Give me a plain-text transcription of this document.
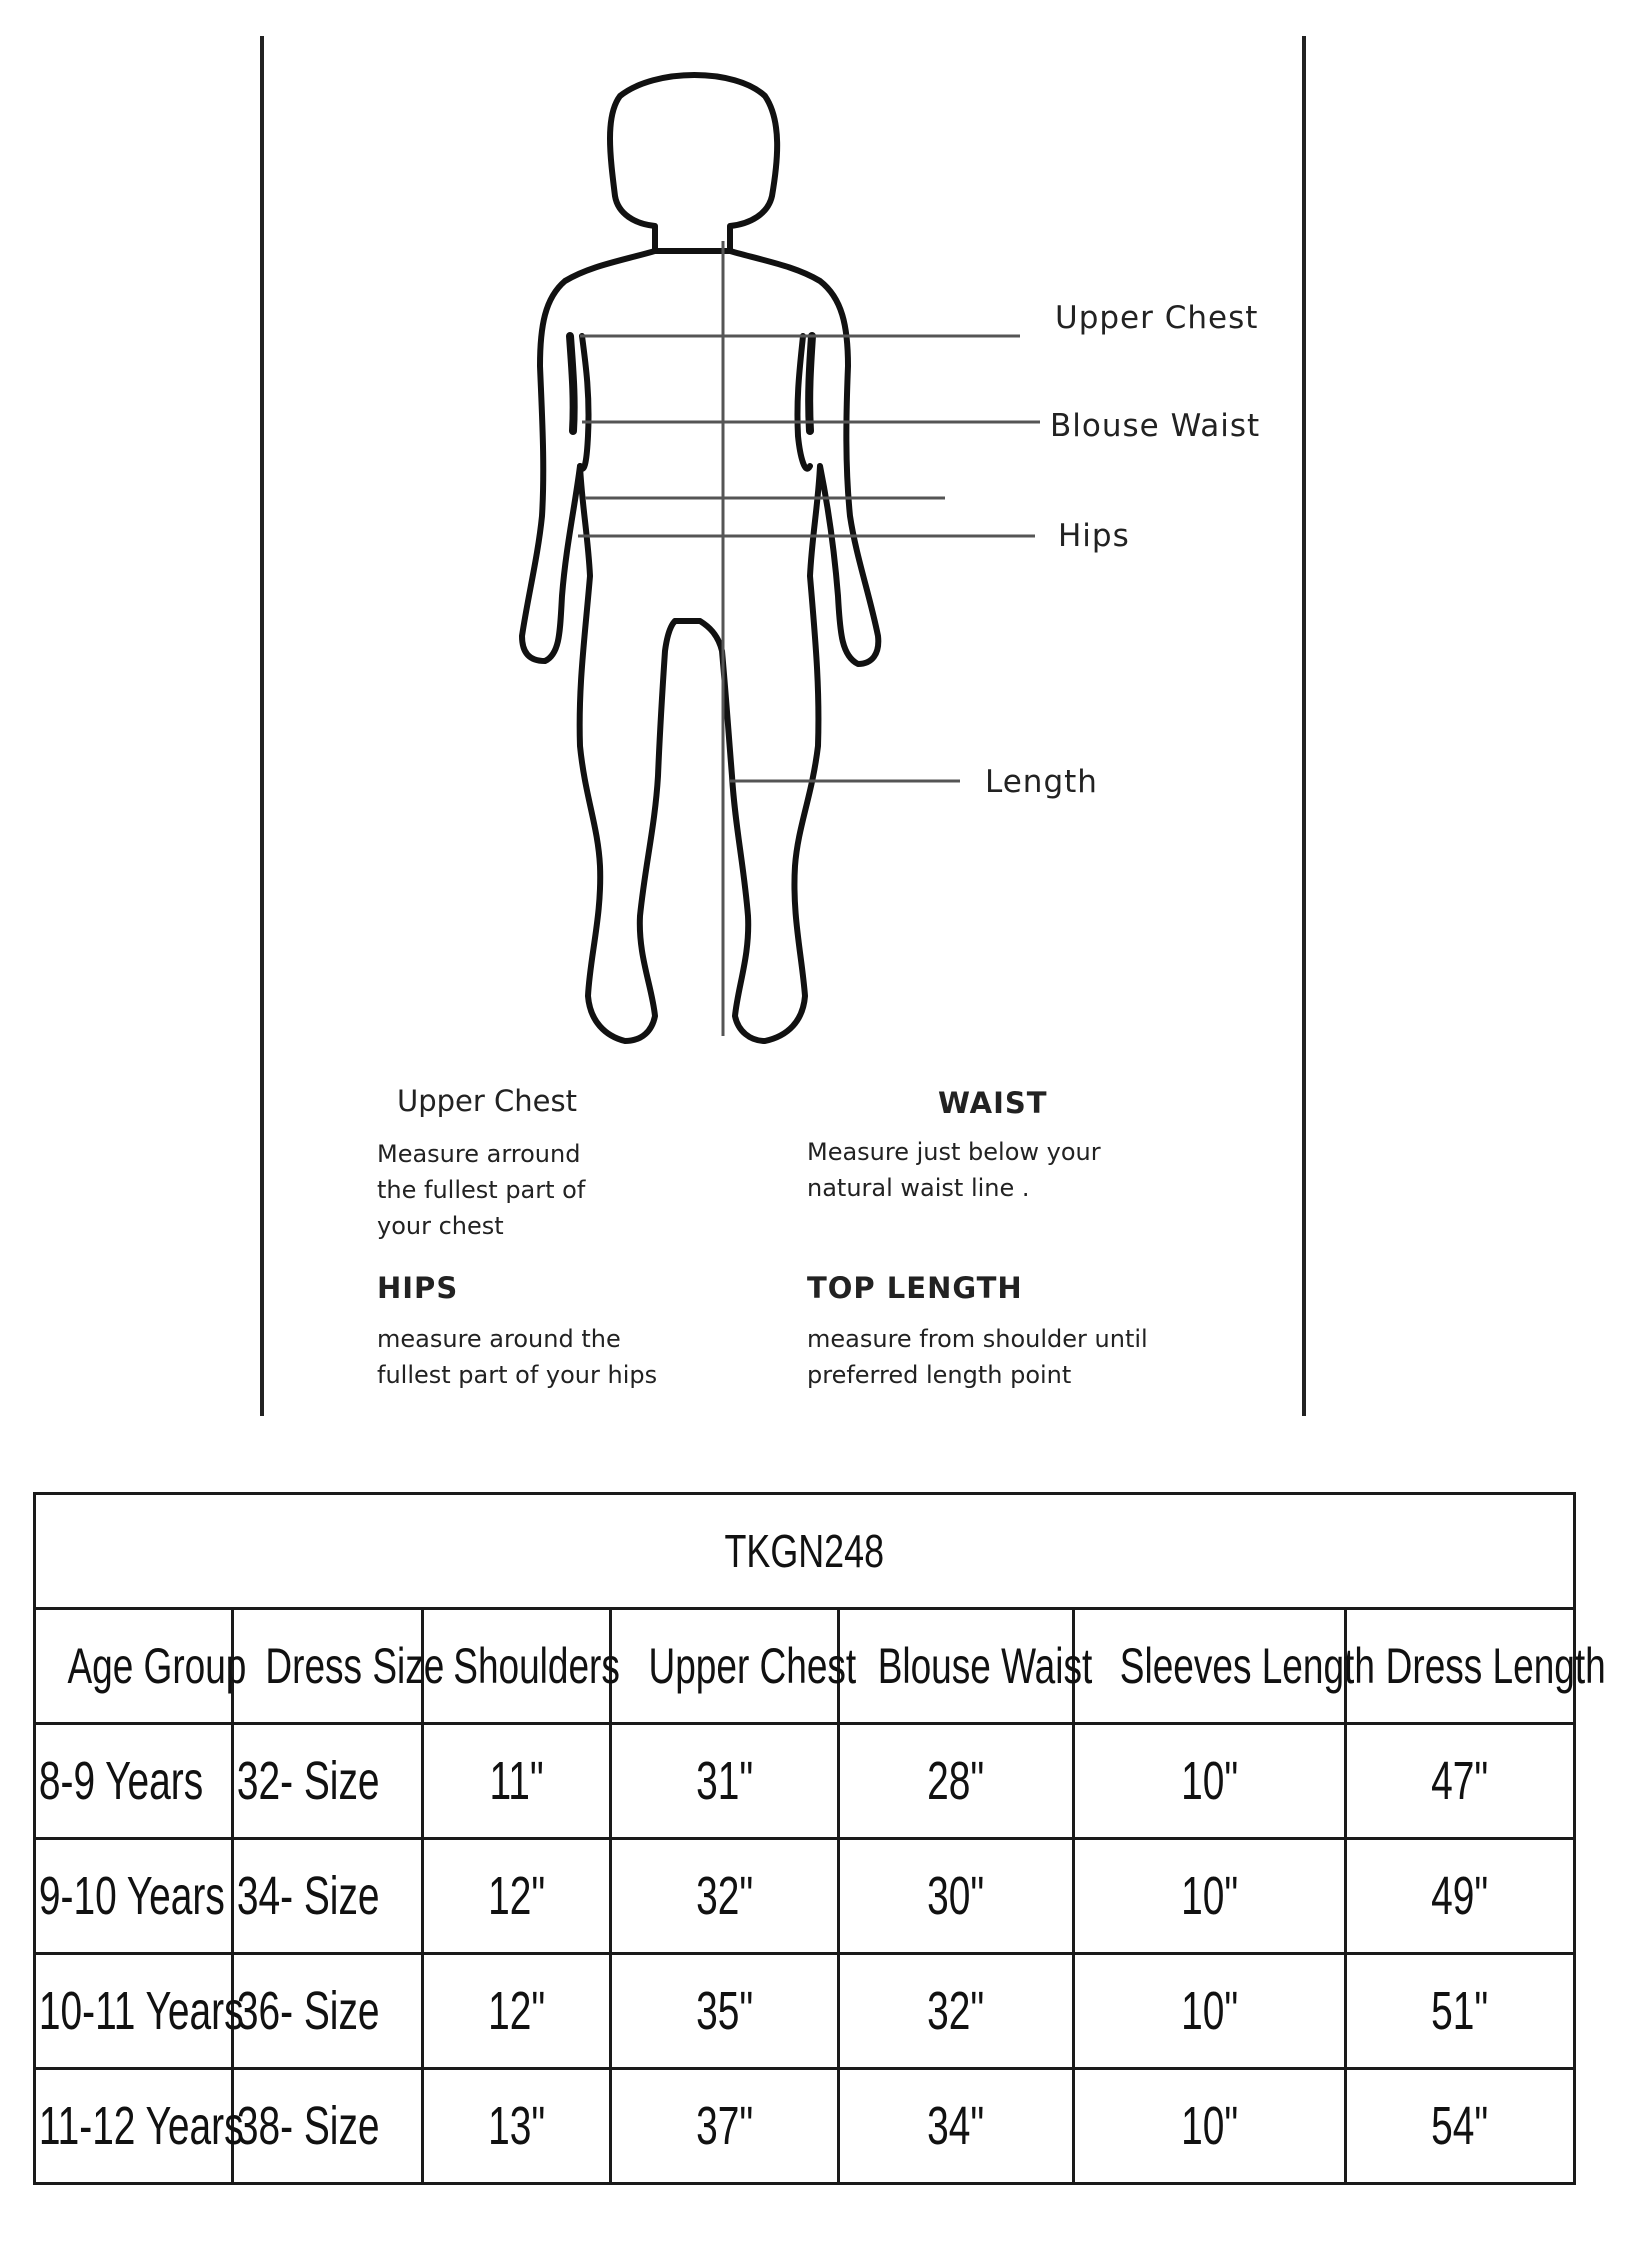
Upper Chest
Blouse Waist
Hips
Length
Upper Chest
Measure arround
the fullest part of
your chest
WAIST
Measure just below your
natural waist line .
HIPS
measure around the
fullest part of your hips
TOP LENGTH
measure from shoulder until
preferred length point
TKGN248						
Age Group	Dress Size	Shoulders	Upper Chest	Blouse Waist	Sleeves Length	Dress Length
8-9 Years	32- Size	11"	31"	28"	10"	47"
9-10 Years	34- Size	12"	32"	30"	10"	49"
10-11 Years	36- Size	12"	35"	32"	10"	51"
11-12 Years	38- Size	13"	37"	34"	10"	54"
